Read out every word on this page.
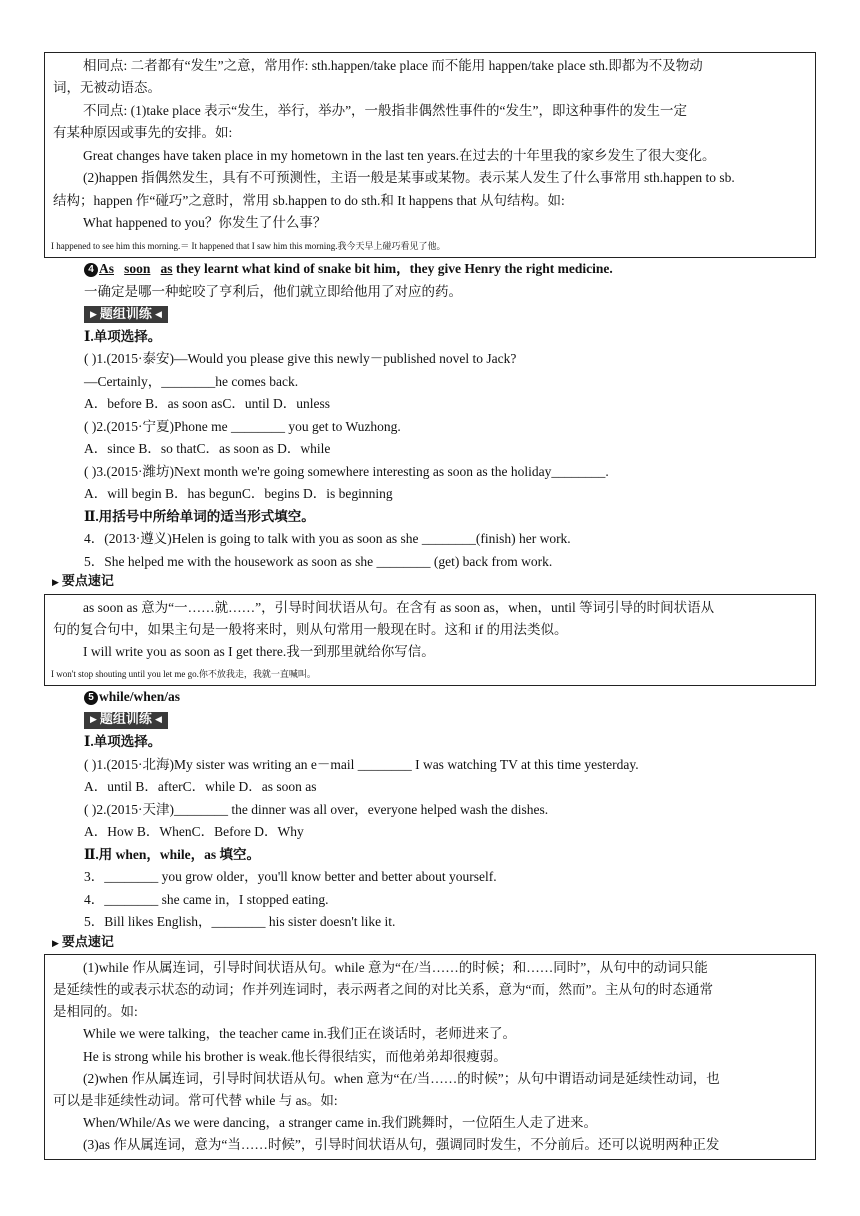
相同点: 二者都有“发生”之意，常用作: sth.happen/take place 而不能用 happen/take place sth.即都为不及物动
词，无被动语态。
不同点: (1)take place 表示“发生，举行，举办”，一般指非偶然性事件的“发生”，即这种事件的发生一定
有某种原因或事先的安排。如:
Great changes have taken place in my hometown in the last ten years.在过去的十年里我的家乡发生了很大变化。
(2)happen 指偶然发生，具有不可预测性，主语一般是某事或某物。表示某人发生了什么事常用 sth.happen to sb.
结构；happen 作“碰巧”之意时，常用 sb.happen to do sth.和 It happens that 从句结构。如:
What happened to you？你发生了什么事？
I happened to see him this morning.＝ It happened that I saw him this morning.我今天早上碰巧看见了他。
4 As soon as they learnt what kind of snake bit him，they give Henry the right medicine.
一确定是哪一种蛇咬了亨利后，他们就立即给他用了对应的药。
▶ 题组训练 ◀
Ⅰ.单项选择。
( )1.(2015·泰安)—Would you please give this newly－published novel to Jack?
—Certainly，________he comes back.
A．before B．as soon asC．until D．unless
( )2.(2015·宁夏)Phone me ________ you get to Wuzhong.
A．since B．so thatC．as soon as D．while
( )3.(2015·潍坊)Next month we're going somewhere interesting as soon as the holiday________.
A．will begin B．has begunC．begins D．is beginning
Ⅱ.用括号中所给单词的适当形式填空。
4．(2013·遵义)Helen is going to talk with you as soon as she ________(finish) her work.
5．She helped me with the housework as soon as she ________ (get) back from work.
▶ 要点速记
as soon as 意为“一……就……”，引导时间状语从句。在含有 as soon as，when，until 等词引导的时间状语从
句的复合句中，如果主句是一般将来时，则从句常用一般现在时。这和 if 的用法类似。
I will write you as soon as I get there.我一到那里就给你写信。
I won't stop shouting until you let me go.你不放我走，我就一直喊叫。
5 while/when/as
▶ 题组训练 ◀
Ⅰ.单项选择。
( )1.(2015·北海)My sister was writing an e－mail ________ I was watching TV at this time yesterday.
A．until B．afterC．while D．as soon as
( )2.(2015·天津)________ the dinner was all over，everyone helped wash the dishes.
A．How B．WhenC．Before D．Why
Ⅱ.用 when，while，as 填空。
3．________ you grow older，you'll know better and better about yourself.
4．________ she came in，I stopped eating.
5．Bill likes English，________ his sister doesn't like it.
▶ 要点速记
(1)while 作从属连词，引导时间状语从句。while 意为“在/当……的时候；和……同时”，从句中的动词只能
是延续性的或表示状态的动词；作并列连词时，表示两者之间的对比关系，意为“而，然而”。主从句的时态通常
是相同的。如:
While we were talking，the teacher came in.我们正在谈话时，老师进来了。
He is strong while his brother is weak.他长得很结实，而他弟弟却很瘦弱。
(2)when 作从属连词，引导时间状语从句。when 意为“在/当……的时候”；从句中谓语动词是延续性动词，也
可以是非延续性动词。常可代替 while 与 as。如:
When/While/As we were dancing，a stranger came in.我们跳舞时，一位陌生人走了进来。
(3)as 作从属连词，意为“当……时候”，引导时间状语从句，强调同时发生，不分前后。还可以说明两种正发
